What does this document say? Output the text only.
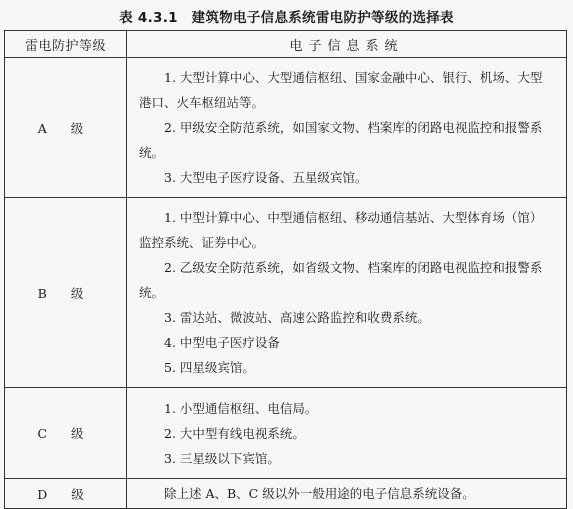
表 4.3.1　建筑物电子信息系统雷电防护等级的选择表
雷电防护等级	电子信息系统
A 级	1. 大型计算中心、大型通信枢纽、国家金融中心、银行、机场、大型港口、火车枢纽站等。
2. 甲级安全防范系统，如国家文物、档案库的闭路电视监控和报警系统。
3. 大型电子医疗设备、五星级宾馆。

B 级	1. 中型计算中心、中型通信枢纽、移动通信基站、大型体育场（馆）监控系统、证券中心。
2. 乙级安全防范系统，如省级文物、档案库的闭路电视监控和报警系统。
3. 雷达站、微波站、高速公路监控和收费系统。
4. 中型电子医疗设备
5. 四星级宾馆。

C 级	1. 小型通信枢纽、电信局。
2. 大中型有线电视系统。
3. 三星级以下宾馆。

D 级	除上述 A、B、C 级以外一般用途的电子信息系统设备。
